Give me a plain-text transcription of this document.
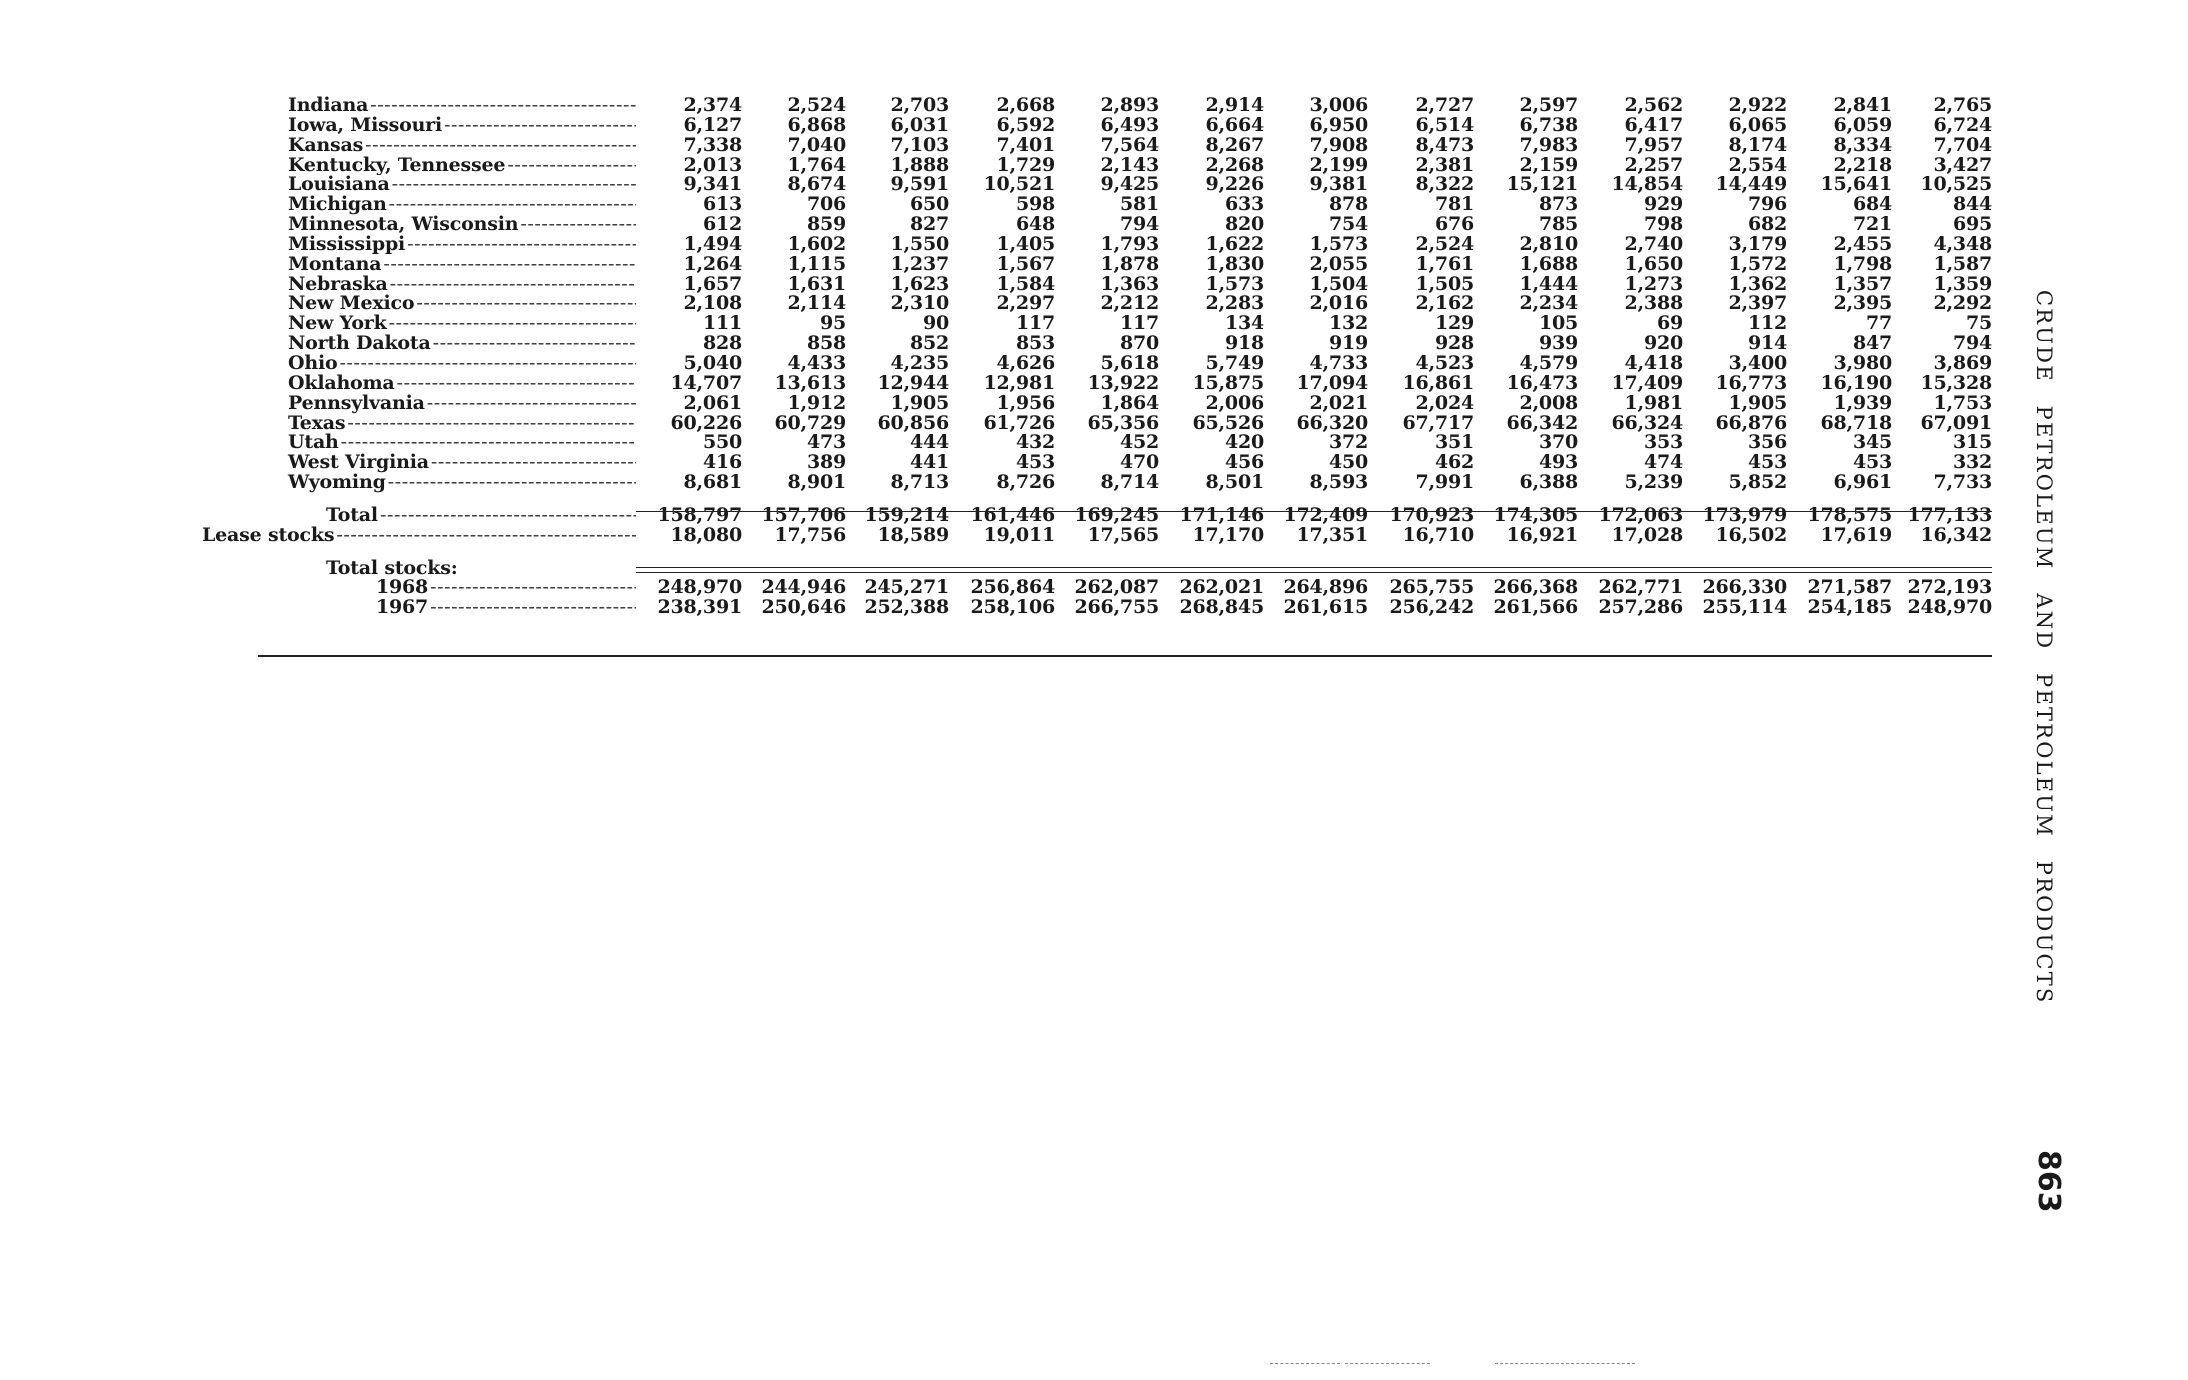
Indiana -----	2,374	2,524	2,703	2,668	2,893	2,914	3,006	2,727	2,597	2,562	2,922	2,841	2,765
Iowa, Missouri -----	6,127	6,868	6,031	6,592	6,493	6,664	6,950	6,514	6,738	6,417	6,065	6,059	6,724
Kansas -----	7,338	7,040	7,103	7,401	7,564	8,267	7,908	8,473	7,983	7,957	8,174	8,334	7,704
Kentucky, Tennessee -----	2,013	1,764	1,888	1,729	2,143	2,268	2,199	2,381	2,159	2,257	2,554	2,218	3,427
Louisiana -----	9,341	8,674	9,591	10,521	9,425	9,226	9,381	8,322	15,121	14,854	14,449	15,641	10,525
Michigan -----	613	706	650	598	581	633	878	781	873	929	796	684	844
Minnesota, Wisconsin -----	612	859	827	648	794	820	754	676	785	798	682	721	695
Mississippi -----	1,494	1,602	1,550	1,405	1,793	1,622	1,573	2,524	2,810	2,740	3,179	2,455	4,348
Montana -----	1,264	1,115	1,237	1,567	1,878	1,830	2,055	1,761	1,688	1,650	1,572	1,798	1,587
Nebraska -----	1,657	1,631	1,623	1,584	1,363	1,573	1,504	1,505	1,444	1,273	1,362	1,357	1,359
New Mexico -----	2,108	2,114	2,310	2,297	2,212	2,283	2,016	2,162	2,234	2,388	2,397	2,395	2,292
New York -----	111	95	90	117	117	134	132	129	105	69	112	77	75
North Dakota -----	828	858	852	853	870	918	919	928	939	920	914	847	794
Ohio -----	5,040	4,433	4,235	4,626	5,618	5,749	4,733	4,523	4,579	4,418	3,400	3,980	3,869
Oklahoma -----	14,707	13,613	12,944	12,981	13,922	15,875	17,094	16,861	16,473	17,409	16,773	16,190	15,328
Pennsylvania -----	2,061	1,912	1,905	1,956	1,864	2,006	2,021	2,024	2,008	1,981	1,905	1,939	1,753
Texas -----	60,226	60,729	60,856	61,726	65,356	65,526	66,320	67,717	66,342	66,324	66,876	68,718	67,091
Utah -----	550	473	444	432	452	420	372	351	370	353	356	345	315
West Virginia -----	416	389	441	453	470	456	450	462	493	474	453	453	332
Wyoming -----	8,681	8,901	8,713	8,726	8,714	8,501	8,593	7,991	6,388	5,239	5,852	6,961	7,733
Total -----	158,797	157,706 159,214	161,446	169,245	171,146	172,409	170,923	174,305	172,063	173,979	178,575 177,133
Lease stocks -----	18,080	17,756	18,589	19,011	17,565	17,170	17,351	16,710	16,921	17,028	16,502	17,619	16,342
Total stocks:
1968 -----	248,970	244,946 245,271	256,864	262,087	262,021	264,896	265,755	266,368	262,771	266,330	271,587 272,193
1967 -----	238,391	250,646 252,388	258,106	266,755	268,845	261,615	256,242	261,566	257,286	255,114	254,185 248,970 CRUDE PETROLEUM AND PETROLEUM PRODUCTS
863
